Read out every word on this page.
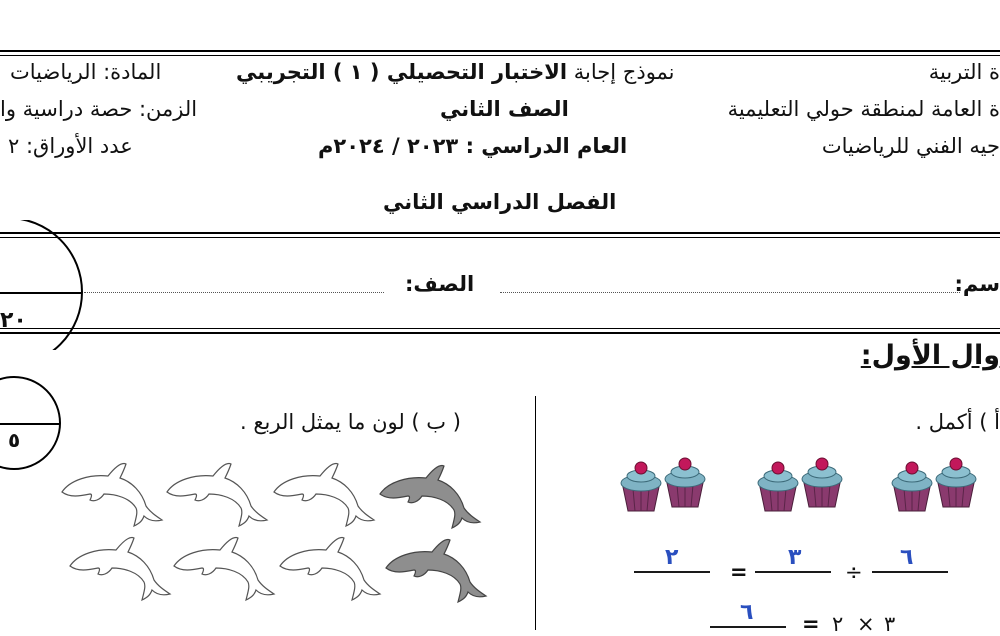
ة التربية
ة العامة لمنطقة حولي التعليمية
جيه الفني للرياضيات
نموذج إجابة الاختبار التحصيلي ( ١ ) التجريبي
الصف الثاني
العام الدراسي : ٢٠٢٣ / ٢٠٢٤م
المادة: الرياضيات
الزمن: حصة دراسية وا
عدد الأوراق: ٢
الفصل الدراسي الثاني
سم:
الصف:
٢٠
وال الأول:
٥
أ ) أكمل .
٦
÷
٣
=
٢
٣
×
٢
=
٦
( ب ) لون ما يمثل الربع .
